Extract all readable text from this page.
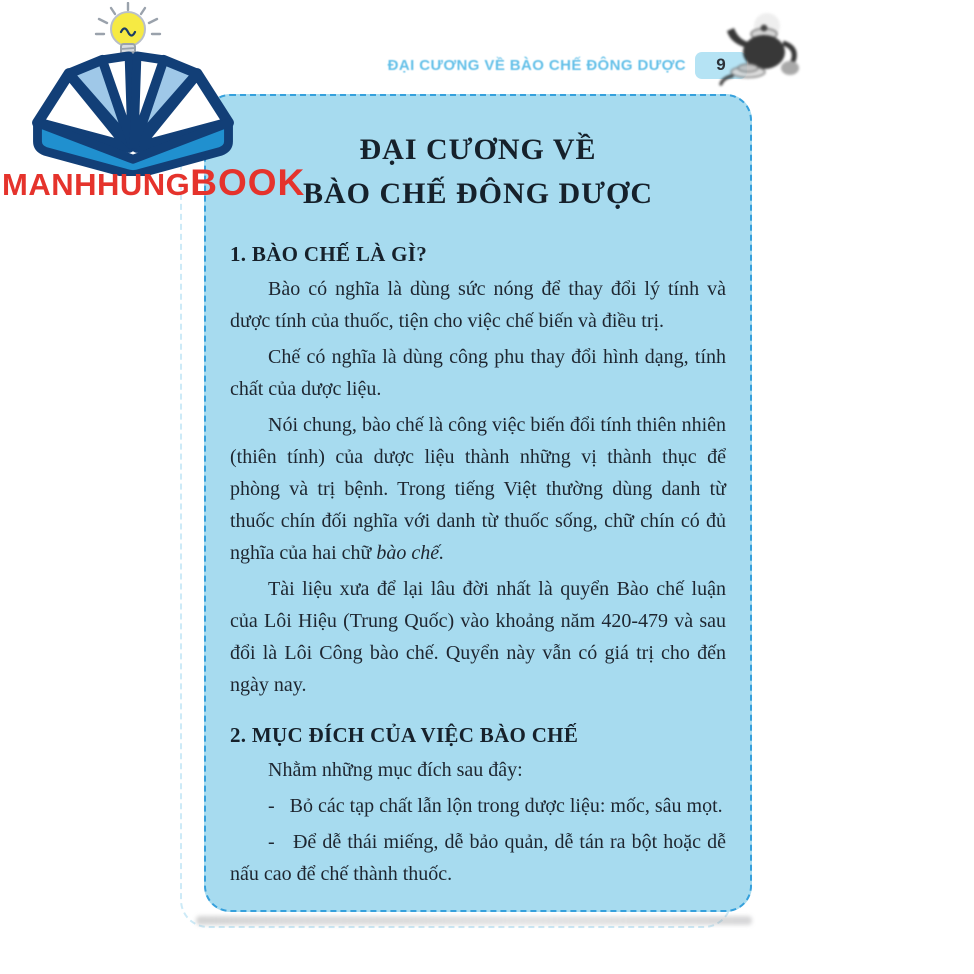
ĐẠI CƯƠNG VỀ
BÀO CHẾ ĐÔNG DƯỢC
1. BÀO CHẾ LÀ GÌ?

Bào có nghĩa là dùng sức nóng để thay đổi lý tính và dược tính của thuốc, tiện cho việc chế biến và điều trị.

Chế có nghĩa là dùng công phu thay đổi hình dạng, tính chất của dược liệu.

Nói chung, bào chế là công việc biến đổi tính thiên nhiên (thiên tính) của dược liệu thành những vị thành thục để phòng và trị bệnh. Trong tiếng Việt thường dùng danh từ thuốc chín đối nghĩa với danh từ thuốc sống, chữ chín có đủ nghĩa của hai chữ bào chế.

Tài liệu xưa để lại lâu đời nhất là quyển Bào chế luận của Lôi Hiệu (Trung Quốc) vào khoảng năm 420-479 và sau đổi là Lôi Công bào chế. Quyển này vẫn có giá trị cho đến ngày nay.

2. MỤC ĐÍCH CỦA VIỆC BÀO CHẾ

Nhằm những mục đích sau đây:

-   Bỏ các tạp chất lẫn lộn trong dược liệu: mốc, sâu mọt.

-   Để dễ thái miếng, dễ bảo quản, dễ tán ra bột hoặc dễ nấu cao để chế thành thuốc.

MANHHUNGBOOK
ĐẠI CƯƠNG VỀ BÀO CHẾ ĐÔNG DƯỢC 9
